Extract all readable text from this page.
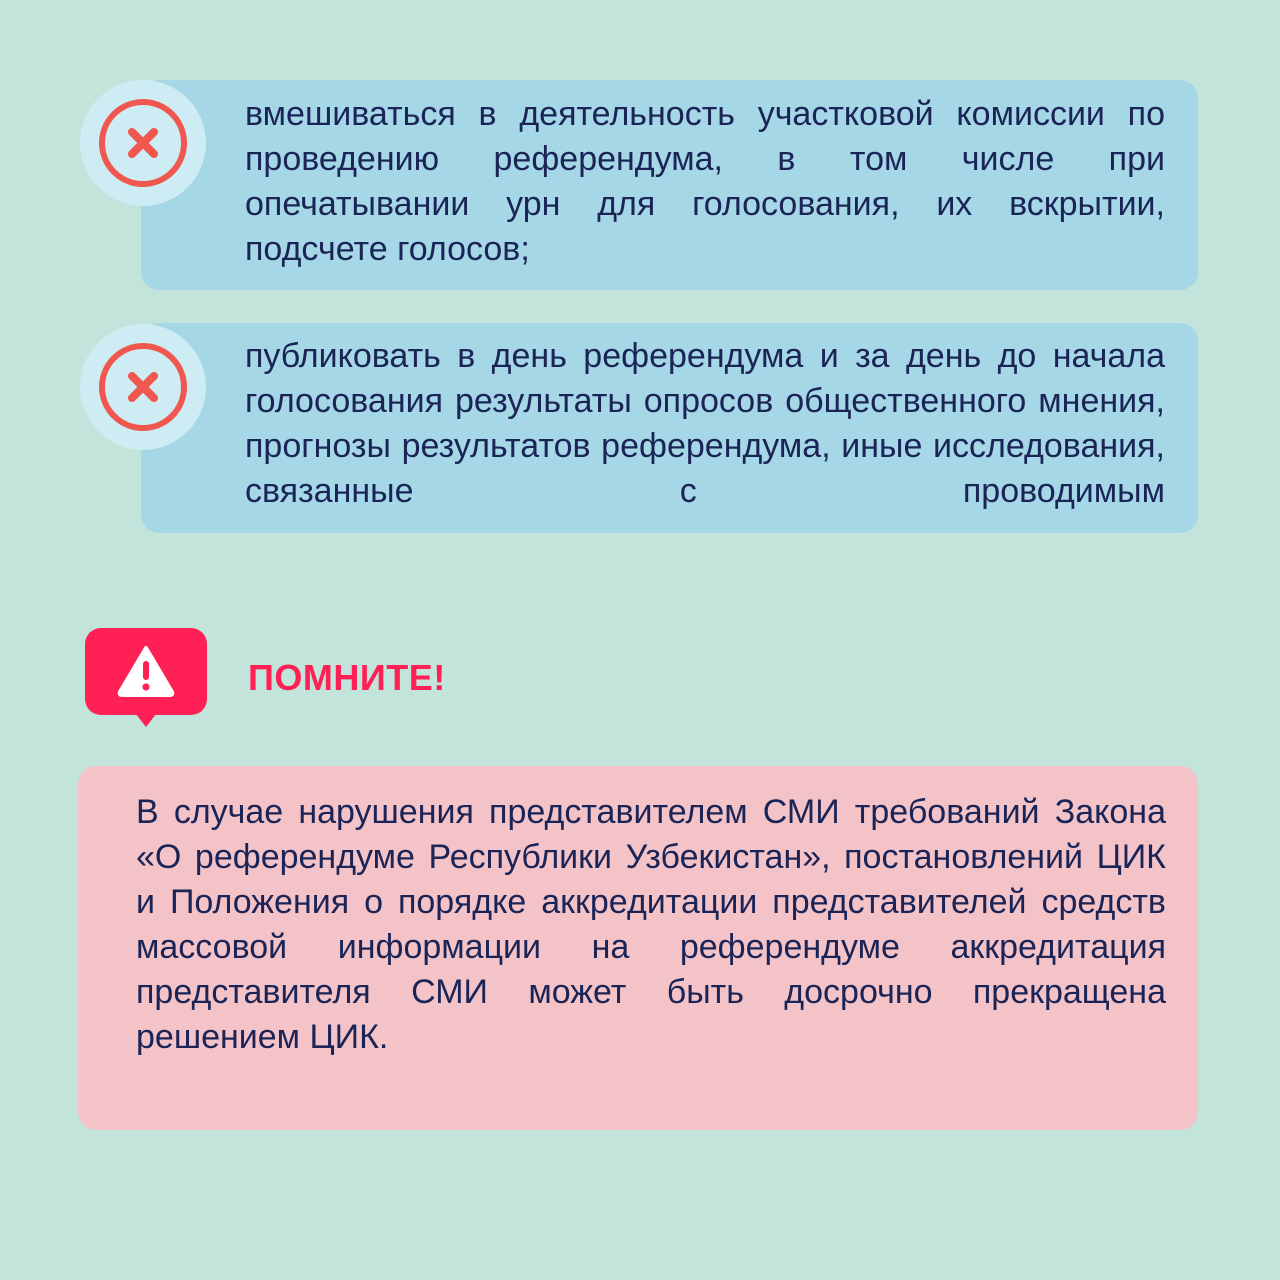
вмешиваться в деятельность участковой комиссии по проведению референдума, в том числе при опечатывании урн для голосования, их вскрытии, подсчете голосов;

публиковать в день референдума и за день до начала голосования результаты опросов общественного мнения, прогнозы результатов референдума, иные исследования, связанные с проводимым

ПОМНИТЕ!

В случае нарушения представителем СМИ требований Закона «О референдуме Республики Узбекистан», постановлений ЦИК и Положения о порядке аккредитации представителей средств массовой информации на референдуме аккредитация представителя СМИ может быть досрочно прекращена решением ЦИК.
